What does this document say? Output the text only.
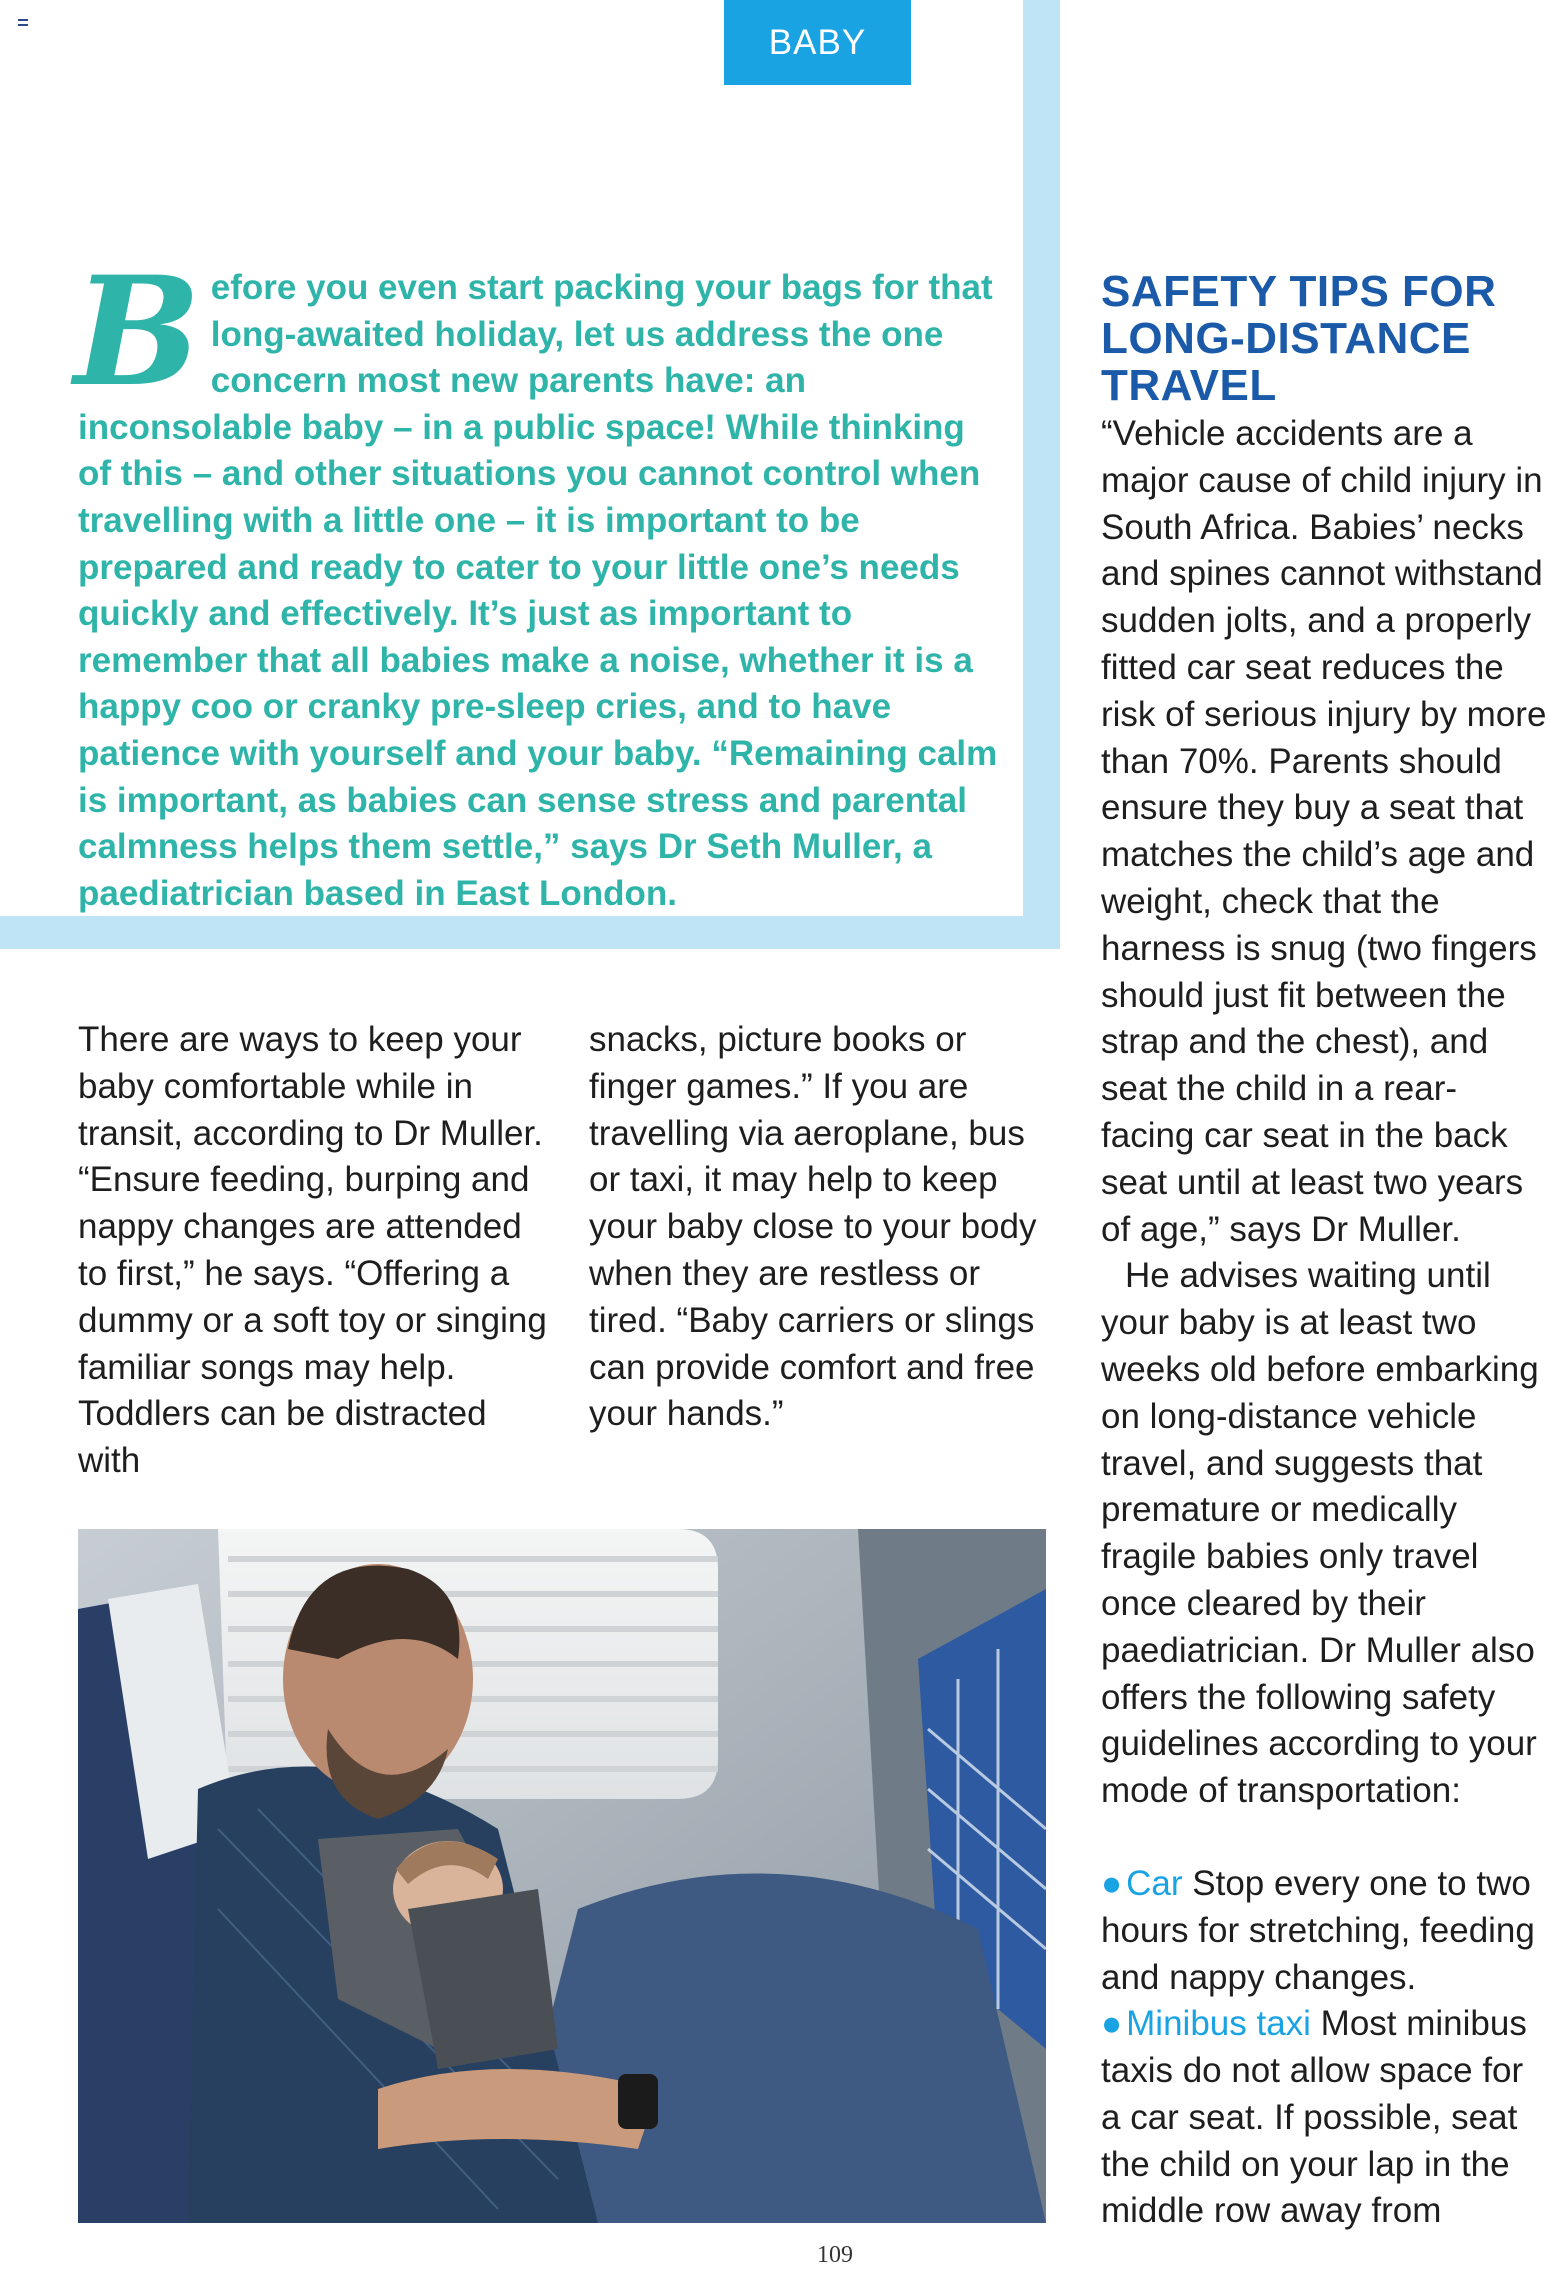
BABY
Before you even start packing your bags for that long-awaited holiday, let us address the one concern most new parents have: an inconsolable baby – in a public space! While thinking of this – and other situations you cannot control when travelling with a little one – it is important to be prepared and ready to cater to your little one’s needs quickly and effectively. It’s just as important to remember that all babies make a noise, whether it is a happy coo or cranky pre-sleep cries, and to have patience with yourself and your baby. “Remaining calm is important, as babies can sense stress and parental calmness helps them settle,” says Dr Seth Muller, a paediatrician based in East London.
There are ways to keep your baby comfortable while in transit, according to Dr Muller. “Ensure feeding, burping and nappy changes are attended to first,” he says. “Offering a dummy or a soft toy or singing familiar songs may help. Toddlers can be distracted with
snacks, picture books or finger games.” If you are travelling via aeroplane, bus or taxi, it may help to keep your baby close to your body when they are restless or tired. “Baby carriers or slings can provide comfort and free your hands.”
SAFETY TIPS FOR LONG-DISTANCE TRAVEL

“Vehicle accidents are a major cause of child injury in South Africa. Babies’ necks and spines cannot withstand sudden jolts, and a properly fitted car seat reduces the risk of serious injury by more than 70%. Parents should ensure they buy a seat that matches the child’s age and weight, check that the harness is snug (two fingers should just fit between the strap and the chest), and seat the child in a rear-facing car seat in the back seat until at least two years of age,” says Dr Muller.

He advises waiting until your baby is at least two weeks old before embarking on long-distance vehicle travel, and suggests that premature or medically fragile babies only travel once cleared by their paediatrician. Dr Muller also offers the following safety guidelines according to your mode of transportation:

● Car Stop every one to two hours for stretching, feeding and nappy changes.
● Minibus taxi Most minibus taxis do not allow space for a car seat. If possible, seat the child on your lap in the middle row away from
109
